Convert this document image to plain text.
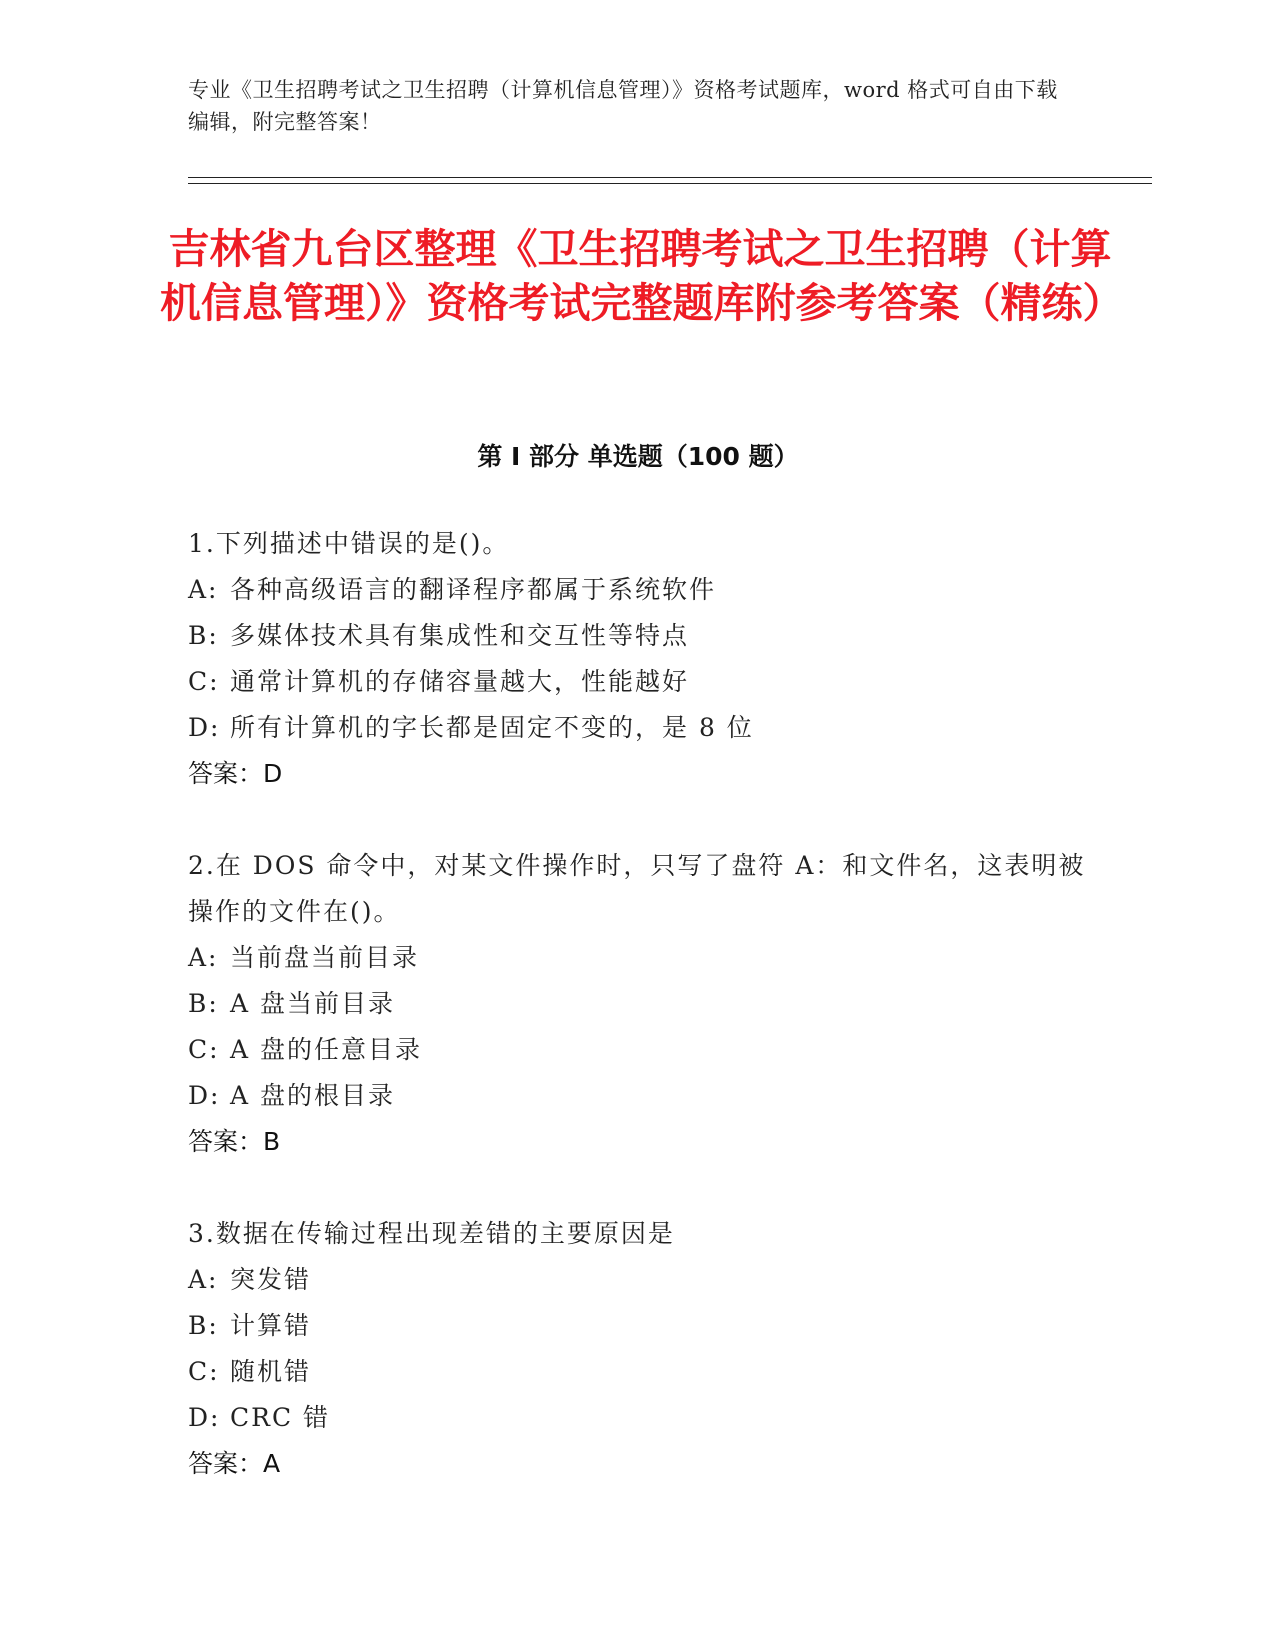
专业《卫生招聘考试之卫生招聘（计算机信息管理）》资格考试题库，word 格式可自由下载编辑，附完整答案！
吉林省九台区整理《卫生招聘考试之卫生招聘（计算机信息管理）》资格考试完整题库附参考答案（精练）
第 I 部分 单选题（100 题）

1.下列描述中错误的是()。

A: 各种高级语言的翻译程序都属于系统软件
B: 多媒体技术具有集成性和交互性等特点
C: 通常计算机的存储容量越大，性能越好
D: 所有计算机的字长都是固定不变的，是 8 位
答案：D

2.在 DOS 命令中，对某文件操作时，只写了盘符 A：和文件名，这表明被操作的文件在()。

A: 当前盘当前目录
B: A 盘当前目录
C: A 盘的任意目录
D: A 盘的根目录
答案：B

3.数据在传输过程出现差错的主要原因是

A: 突发错
B: 计算错
C: 随机错
D: CRC 错
答案：A
